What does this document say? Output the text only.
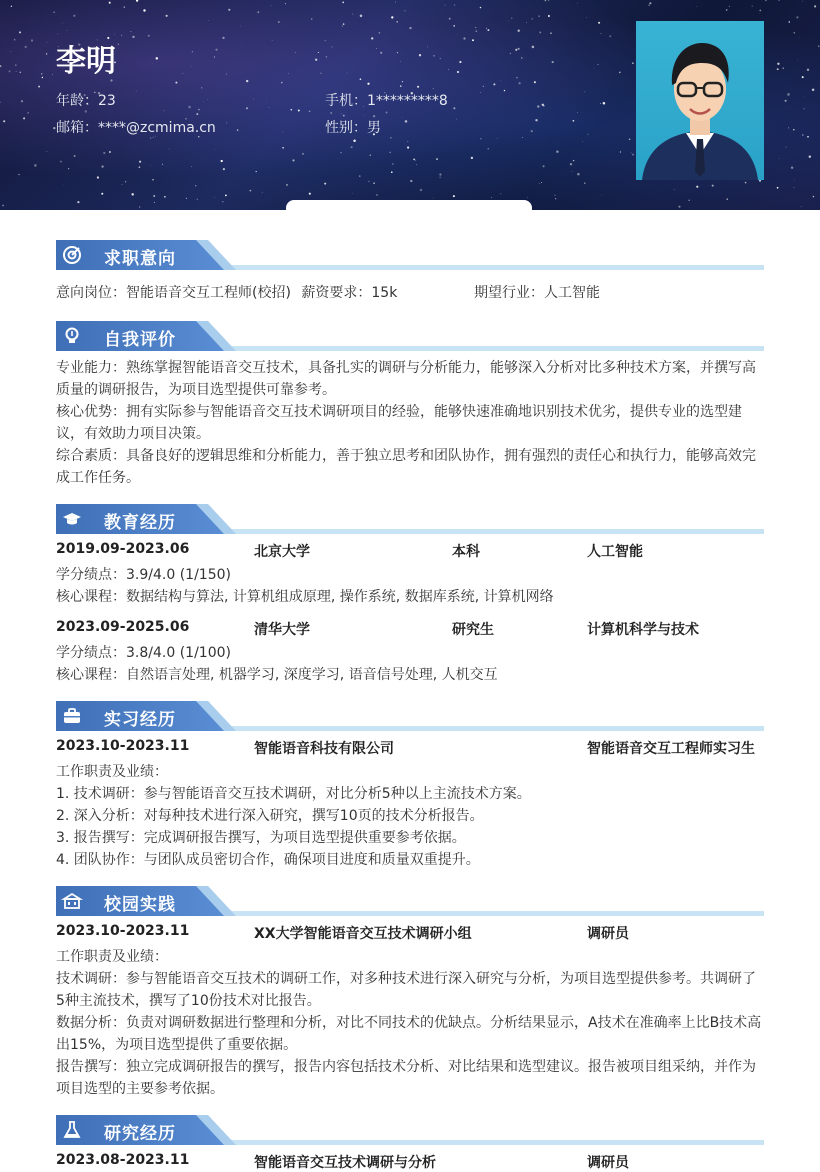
李明
年龄：23	手机：1*********8
邮箱：****@zcmima.cn	性别：男
求职意向
意向岗位：智能语音交互工程师(校招) 薪资要求：15k	期望行业：人工智能
自我评价
专业能力：熟练掌握智能语音交互技术，具备扎实的调研与分析能力，能够深入分析对比多种技术方案，并撰写高质量的调研报告，为项目选型提供可靠参考。
核心优势：拥有实际参与智能语音交互技术调研项目的经验，能够快速准确地识别技术优劣，提供专业的选型建议，有效助力项目决策。
综合素质：具备良好的逻辑思维和分析能力，善于独立思考和团队协作，拥有强烈的责任心和执行力，能够高效完成工作任务。
教育经历
2019.09-2023.06	北京大学	本科	人工智能
学分绩点：3.9/4.0 (1/150)
核心课程：数据结构与算法, 计算机组成原理, 操作系统, 数据库系统, 计算机网络
2023.09-2025.06	清华大学	研究生	计算机科学与技术
学分绩点：3.8/4.0 (1/100)
核心课程：自然语言处理, 机器学习, 深度学习, 语音信号处理, 人机交互
实习经历
2023.10-2023.11	智能语音科技有限公司	智能语音交互工程师实习生
工作职责及业绩：
1. 技术调研：参与智能语音交互技术调研，对比分析5种以上主流技术方案。
2. 深入分析：对每种技术进行深入研究，撰写10页的技术分析报告。
3. 报告撰写：完成调研报告撰写，为项目选型提供重要参考依据。
4. 团队协作：与团队成员密切合作，确保项目进度和质量双重提升。
校园实践
2023.10-2023.11	XX大学智能语音交互技术调研小组	调研员
工作职责及业绩：
技术调研：参与智能语音交互技术的调研工作，对多种技术进行深入研究与分析，为项目选型提供参考。共调研了5种主流技术，撰写了10份技术对比报告。
数据分析：负责对调研数据进行整理和分析，对比不同技术的优缺点。分析结果显示，A技术在准确率上比B技术高出15%，为项目选型提供了重要依据。
报告撰写：独立完成调研报告的撰写，报告内容包括技术分析、对比结果和选型建议。报告被项目组采纳，并作为项目选型的主要参考依据。
研究经历
2023.08-2023.11	智能语音交互技术调研与分析	调研员
